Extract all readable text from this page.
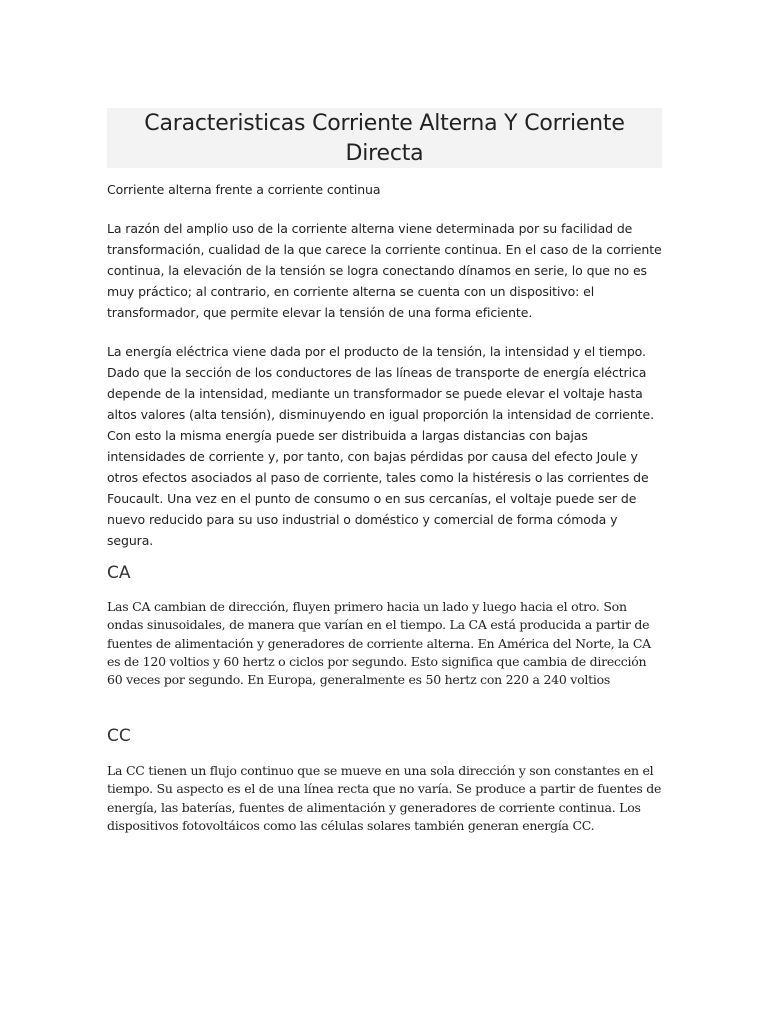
Caracteristicas Corriente Alterna Y Corriente Directa

Corriente alterna frente a corriente continua

La razón del amplio uso de la corriente alterna viene determinada por su facilidad de transformación, cualidad de la que carece la corriente continua. En el caso de la corriente continua, la elevación de la tensión se logra conectando dínamos en serie, lo que no es muy práctico; al contrario, en corriente alterna se cuenta con un dispositivo: el transformador, que permite elevar la tensión de una forma eficiente.

La energía eléctrica viene dada por el producto de la tensión, la intensidad y el tiempo. Dado que la sección de los conductores de las líneas de transporte de energía eléctrica depende de la intensidad, mediante un transformador se puede elevar el voltaje hasta altos valores (alta tensión), disminuyendo en igual proporción la intensidad de corriente. Con esto la misma energía puede ser distribuida a largas distancias con bajas intensidades de corriente y, por tanto, con bajas pérdidas por causa del efecto Joule y otros efectos asociados al paso de corriente, tales como la histéresis o las corrientes de Foucault. Una vez en el punto de consumo o en sus cercanías, el voltaje puede ser de nuevo reducido para su uso industrial o doméstico y comercial de forma cómoda y segura.

CA

Las CA cambian de dirección, fluyen primero hacia un lado y luego hacia el otro. Son ondas sinusoidales, de manera que varían en el tiempo. La CA está producida a partir de fuentes de alimentación y generadores de corriente alterna. En América del Norte, la CA es de 120 voltios y 60 hertz o ciclos por segundo. Esto significa que cambia de dirección 60 veces por segundo. En Europa, generalmente es 50 hertz con 220 a 240 voltios

CC

La CC tienen un flujo continuo que se mueve en una sola dirección y son constantes en el tiempo. Su aspecto es el de una línea recta que no varía. Se produce a partir de fuentes de energía, las baterías, fuentes de alimentación y generadores de corriente continua. Los dispositivos fotovoltáicos como las células solares también generan energía CC.
